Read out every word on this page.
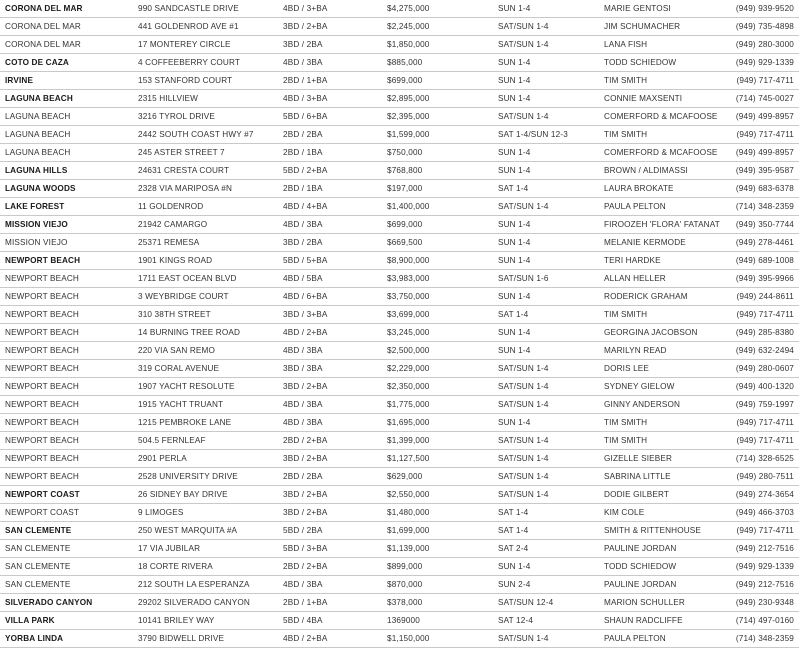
CORONA DEL MAR	990 SANDCASTLE DRIVE	4BD / 3+BA	$4,275,000	SUN 1-4	MARIE GENTOSI	(949) 939-9520
CORONA DEL MAR	441 GOLDENROD AVE #1	3BD / 2+BA	$2,245,000	SAT/SUN 1-4	JIM SCHUMACHER	(949) 735-4898
CORONA DEL MAR	17 MONTEREY CIRCLE	3BD / 2BA	$1,850,000	SAT/SUN 1-4	LANA FISH	(949) 280-3000
COTO DE CAZA	4 COFFEEBERRY COURT	4BD / 3BA	$885,000	SUN 1-4	TODD SCHIEDOW	(949) 929-1339
IRVINE	153 STANFORD COURT	2BD / 1+BA	$699,000	SUN 1-4	TIM SMITH	(949) 717-4711
LAGUNA BEACH	2315 HILLVIEW	4BD / 3+BA	$2,895,000	SUN 1-4	CONNIE MAXSENTI	(714) 745-0027
LAGUNA BEACH	3216 TYROL DRIVE	5BD / 6+BA	$2,395,000	SAT/SUN 1-4	COMERFORD & MCAFOOSE	(949) 499-8957
LAGUNA BEACH	2442 SOUTH COAST HWY #7	2BD / 2BA	$1,599,000	SAT 1-4/SUN 12-3	TIM SMITH	(949) 717-4711
LAGUNA BEACH	245 ASTER STREET 7	2BD / 1BA	$750,000	SUN 1-4	COMERFORD & MCAFOOSE	(949) 499-8957
LAGUNA HILLS	24631 CRESTA COURT	5BD / 2+BA	$768,800	SUN 1-4	BROWN / ALDIMASSI	(949) 395-9587
LAGUNA WOODS	2328 VIA MARIPOSA #N	2BD / 1BA	$197,000	SAT 1-4	LAURA BROKATE	(949) 683-6378
LAKE FOREST	11 GOLDENROD	4BD / 4+BA	$1,400,000	SAT/SUN 1-4	PAULA PELTON	(714) 348-2359
MISSION VIEJO	21942 CAMARGO	4BD / 3BA	$699,000	SUN 1-4	FIROOZEH 'FLORA' FATANAT	(949) 350-7744
MISSION VIEJO	25371 REMESA	3BD / 2BA	$669,500	SUN 1-4	MELANIE KERMODE	(949) 278-4461
NEWPORT BEACH	1901 KINGS ROAD	5BD / 5+BA	$8,900,000	SUN 1-4	TERI HARDKE	(949) 689-1008
NEWPORT BEACH	1711 EAST OCEAN BLVD	4BD / 5BA	$3,983,000	SAT/SUN 1-6	ALLAN HELLER	(949) 395-9966
NEWPORT BEACH	3 WEYBRIDGE COURT	4BD / 6+BA	$3,750,000	SUN 1-4	RODERICK GRAHAM	(949) 244-8611
NEWPORT BEACH	310 38TH STREET	3BD / 3+BA	$3,699,000	SAT 1-4	TIM SMITH	(949) 717-4711
NEWPORT BEACH	14 BURNING TREE ROAD	4BD / 2+BA	$3,245,000	SUN 1-4	GEORGINA JACOBSON	(949) 285-8380
NEWPORT BEACH	220 VIA SAN REMO	4BD / 3BA	$2,500,000	SUN 1-4	MARILYN READ	(949) 632-2494
NEWPORT BEACH	319 CORAL AVENUE	3BD / 3BA	$2,229,000	SAT/SUN 1-4	DORIS LEE	(949) 280-0607
NEWPORT BEACH	1907 YACHT RESOLUTE	3BD / 2+BA	$2,350,000	SAT/SUN 1-4	SYDNEY GIELOW	(949) 400-1320
NEWPORT BEACH	1915 YACHT TRUANT	4BD / 3BA	$1,775,000	SAT/SUN 1-4	GINNY ANDERSON	(949) 759-1997
NEWPORT BEACH	1215 PEMBROKE LANE	4BD / 3BA	$1,695,000	SUN 1-4	TIM SMITH	(949) 717-4711
NEWPORT BEACH	504.5 FERNLEAF	2BD / 2+BA	$1,399,000	SAT/SUN 1-4	TIM SMITH	(949) 717-4711
NEWPORT BEACH	2901 PERLA	3BD / 2+BA	$1,127,500	SAT/SUN 1-4	GIZELLE SIEBER	(714) 328-6525
NEWPORT BEACH	2528 UNIVERSITY DRIVE	2BD / 2BA	$629,000	SAT/SUN 1-4	SABRINA LITTLE	(949) 280-7511
NEWPORT COAST	26 SIDNEY BAY DRIVE	3BD / 2+BA	$2,550,000	SAT/SUN 1-4	DODIE GILBERT	(949) 274-3654
NEWPORT COAST	9 LIMOGES	3BD / 2+BA	$1,480,000	SAT 1-4	KIM COLE	(949) 466-3703
SAN CLEMENTE	250 WEST MARQUITA #A	5BD / 2BA	$1,699,000	SAT 1-4	SMITH & RITTENHOUSE	(949) 717-4711
SAN CLEMENTE	17 VIA JUBILAR	5BD / 3+BA	$1,139,000	SAT 2-4	PAULINE JORDAN	(949) 212-7516
SAN CLEMENTE	18 CORTE RIVERA	2BD / 2+BA	$899,000	SUN 1-4	TODD SCHIEDOW	(949) 929-1339
SAN CLEMENTE	212 SOUTH LA ESPERANZA	4BD / 3BA	$870,000	SUN 2-4	PAULINE JORDAN	(949) 212-7516
SILVERADO CANYON	29202 SILVERADO CANYON	2BD / 1+BA	$378,000	SAT/SUN 12-4	MARION SCHULLER	(949) 230-9348
VILLA PARK	10141 BRILEY WAY	5BD / 4BA	1369000	SAT 12-4	SHAUN RADCLIFFE	(714) 497-0160
YORBA LINDA	3790 BIDWELL DRIVE	4BD / 2+BA	$1,150,000	SAT/SUN 1-4	PAULA PELTON	(714) 348-2359
